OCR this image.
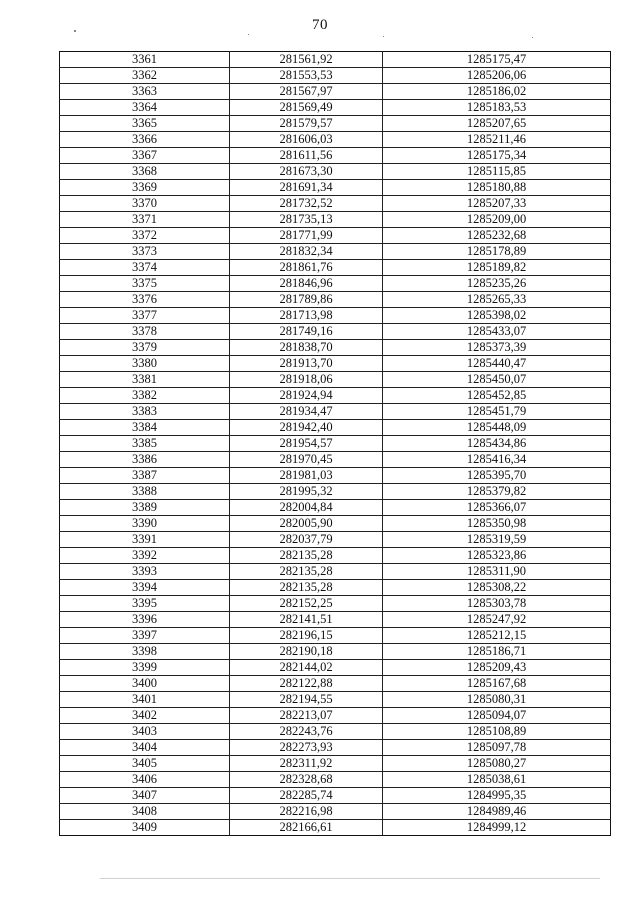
70
3361	281561,92	1285175,47
3362	281553,53	1285206,06
3363	281567,97	1285186,02
3364	281569,49	1285183,53
3365	281579,57	1285207,65
3366	281606,03	1285211,46
3367	281611,56	1285175,34
3368	281673,30	1285115,85
3369	281691,34	1285180,88
3370	281732,52	1285207,33
3371	281735,13	1285209,00
3372	281771,99	1285232,68
3373	281832,34	1285178,89
3374	281861,76	1285189,82
3375	281846,96	1285235,26
3376	281789,86	1285265,33
3377	281713,98	1285398,02
3378	281749,16	1285433,07
3379	281838,70	1285373,39
3380	281913,70	1285440,47
3381	281918,06	1285450,07
3382	281924,94	1285452,85
3383	281934,47	1285451,79
3384	281942,40	1285448,09
3385	281954,57	1285434,86
3386	281970,45	1285416,34
3387	281981,03	1285395,70
3388	281995,32	1285379,82
3389	282004,84	1285366,07
3390	282005,90	1285350,98
3391	282037,79	1285319,59
3392	282135,28	1285323,86
3393	282135,28	1285311,90
3394	282135,28	1285308,22
3395	282152,25	1285303,78
3396	282141,51	1285247,92
3397	282196,15	1285212,15
3398	282190,18	1285186,71
3399	282144,02	1285209,43
3400	282122,88	1285167,68
3401	282194,55	1285080,31
3402	282213,07	1285094,07
3403	282243,76	1285108,89
3404	282273,93	1285097,78
3405	282311,92	1285080,27
3406	282328,68	1285038,61
3407	282285,74	1284995,35
3408	282216,98	1284989,46
3409	282166,61	1284999,12
